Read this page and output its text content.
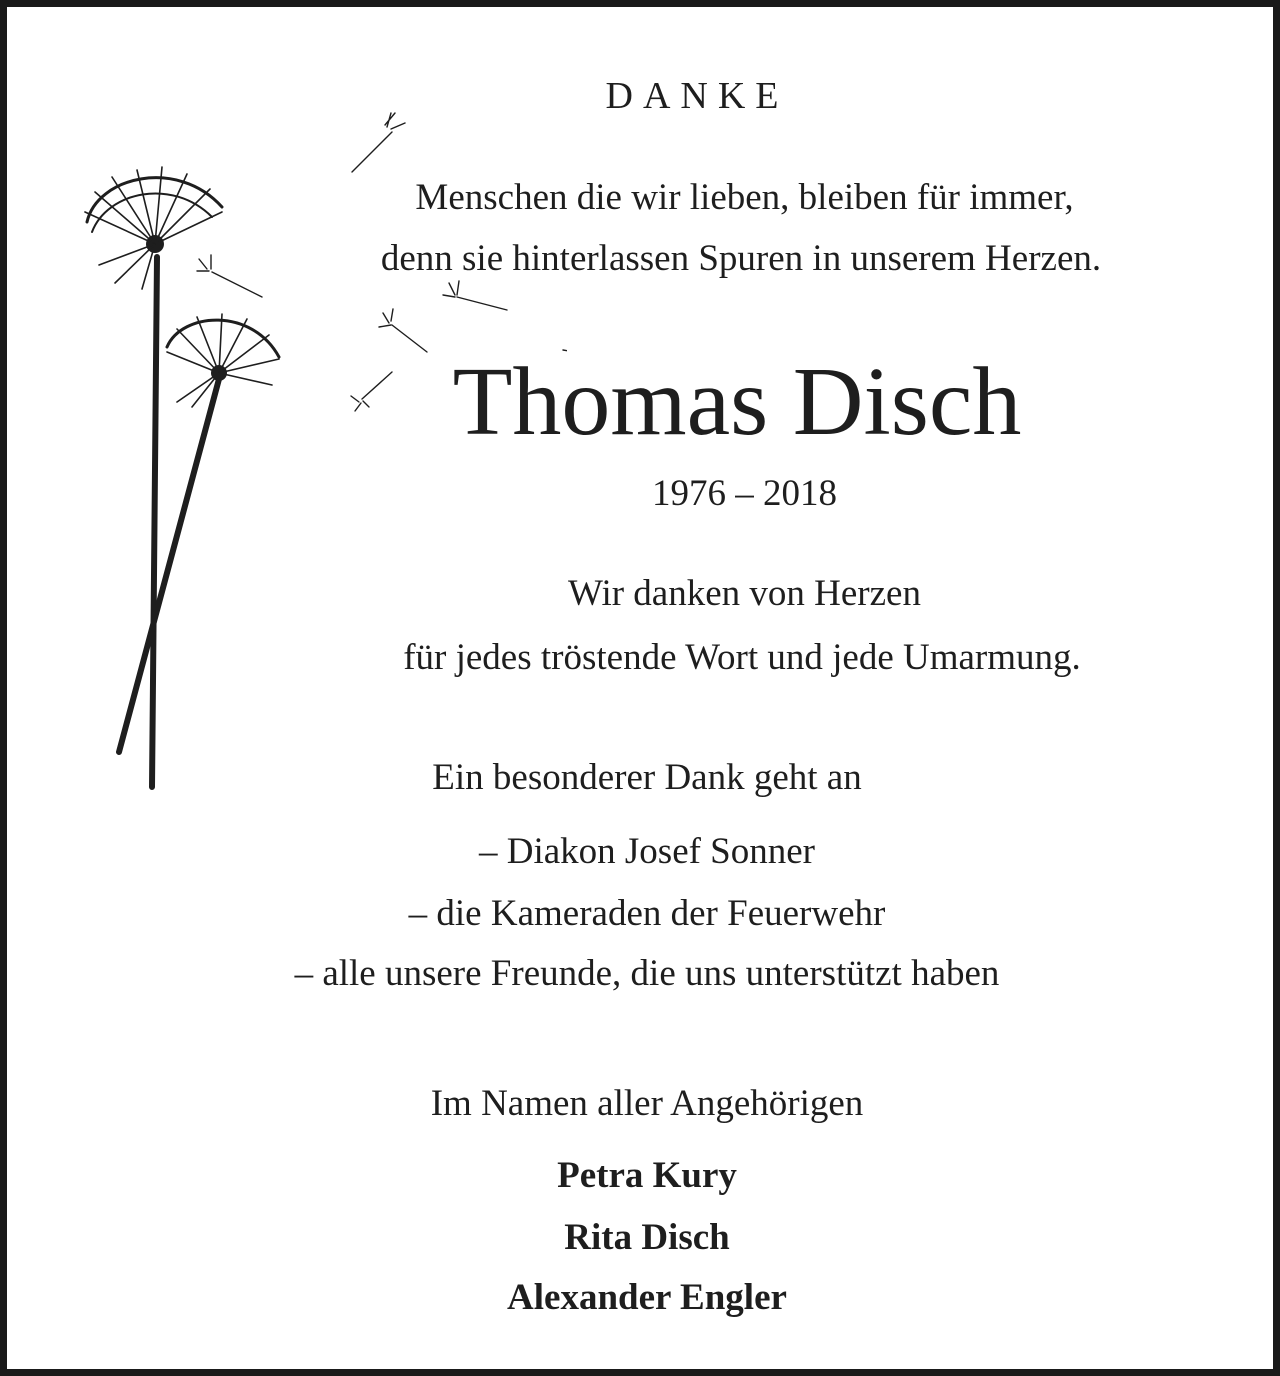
DANKE
Menschen die wir lieben, bleiben für immer,
denn sie hinterlassen Spuren in unserem Herzen.
Thomas Disch
1976 – 2018
Wir danken von Herzen
für jedes tröstende Wort und jede Umarmung.
Ein besonderer Dank geht an
– Diakon Josef Sonner
– die Kameraden der Feuerwehr
– alle unsere Freunde, die uns unterstützt haben
Im Namen aller Angehörigen
Petra Kury
Rita Disch
Alexander Engler
